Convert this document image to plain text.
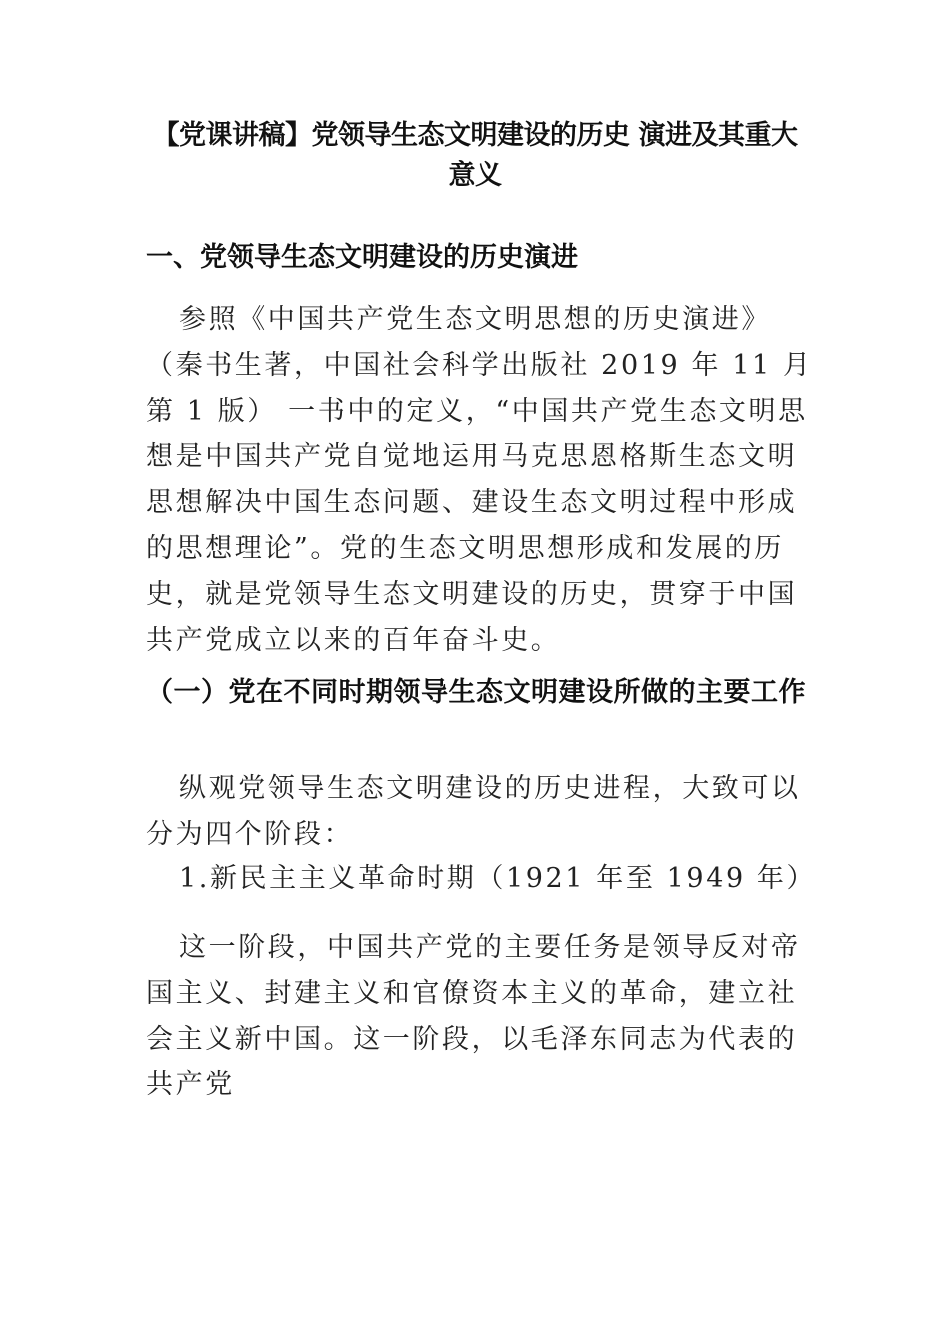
【党课讲稿】党领导生态文明建设的历史 演进及其重大意义
一、党领导生态文明建设的历史演进

参照《中国共产党生态文明思想的历史演进》（秦书生著，中国社会科学出版社 2019 年 11 月第 1 版） 一书中的定义，“中国共产党生态文明思想是中国共产党自觉地运用马克思恩格斯生态文明思想解决中国生态问题、建设生态文明过程中形成的思想理论”。党的生态文明思想形成和发展的历史，就是党领导生态文明建设的历史，贯穿于中国共产党成立以来的百年奋斗史。

（一）党在不同时期领导生态文明建设所做的主要工作

纵观党领导生态文明建设的历史进程，大致可以分为四个阶段：

1.新民主主义革命时期（1921 年至 1949 年）

这一阶段，中国共产党的主要任务是领导反对帝国主义、封建主义和官僚资本主义的革命，建立社会主义新中国。这一阶段，以毛泽东同志为代表的共产党
